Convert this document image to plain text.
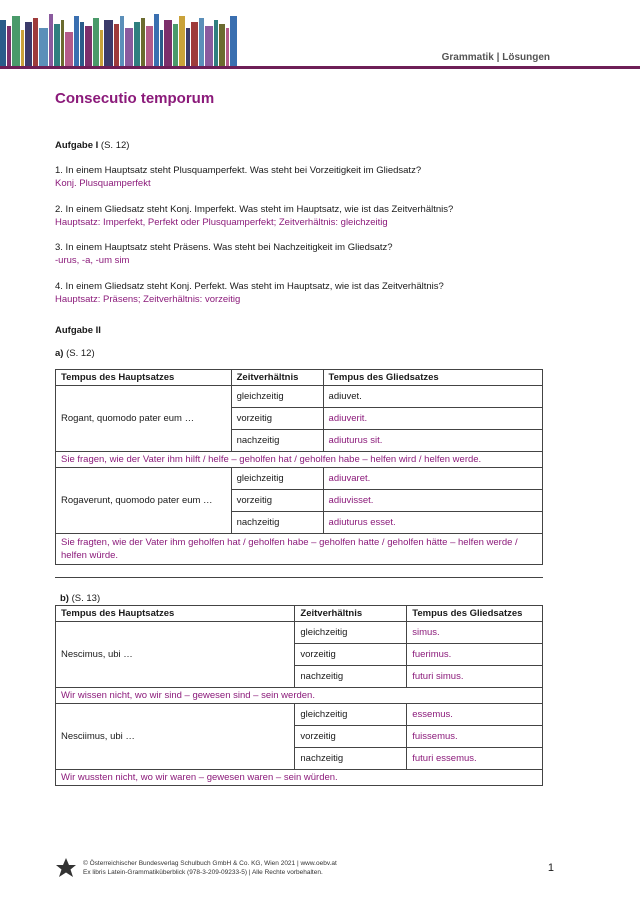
Grammatik | Lösungen
Consecutio temporum
Aufgabe I (S. 12)

1. In einem Hauptsatz steht Plusquamperfekt. Was steht bei Vorzeitigkeit im Gliedsatz?

Konj. Plusquamperfekt

2. In einem Gliedsatz steht Konj. Imperfekt. Was steht im Hauptsatz, wie ist das Zeitverhältnis?

Hauptsatz: Imperfekt, Perfekt oder Plusquamperfekt; Zeitverhältnis: gleichzeitig

3. In einem Hauptsatz steht Präsens. Was steht bei Nachzeitigkeit im Gliedsatz?

-urus, -a, -um sim

4. In einem Gliedsatz steht Konj. Perfekt. Was steht im Hauptsatz, wie ist das Zeitverhältnis?

Hauptsatz: Präsens; Zeitverhältnis: vorzeitig

Aufgabe II
a) (S. 12)
Tempus des Hauptsatzes	Zeitverhältnis	Tempus des Gliedsatzes
Rogant, quomodo pater eum …	gleichzeitig	adiuvet.
	vorzeitig	adiuverit.
	nachzeitig	adiuturus sit.
Sie fragen, wie der Vater ihm hilft / helfe – geholfen hat / geholfen habe – helfen wird / helfen werde.		
Rogaverunt, quomodo pater eum …	gleichzeitig	adiuvaret.
	vorzeitig	adiuvisset.
	nachzeitig	adiuturus esset.
Sie fragten, wie der Vater ihm geholfen hat / geholfen habe – geholfen hatte / geholfen hätte – helfen werde / helfen würde.		
b) (S. 13)
Tempus des Hauptsatzes	Zeitverhältnis	Tempus des Gliedsatzes
Nescimus, ubi …	gleichzeitig	simus.
	vorzeitig	fuerimus.
	nachzeitig	futuri simus.
Wir wissen nicht, wo wir sind – gewesen sind – sein werden.		
Nesciimus, ubi …	gleichzeitig	essemus.
	vorzeitig	fuissemus.
	nachzeitig	futuri essemus.
Wir wussten nicht, wo wir waren – gewesen waren – sein würden.		
© Österreichischer Bundesverlag Schulbuch GmbH & Co. KG, Wien 2021 | www.oebv.at
Ex libris Latein-Grammatiküberblick (978-3-209-09233-5) | Alle Rechte vorbehalten.	1
